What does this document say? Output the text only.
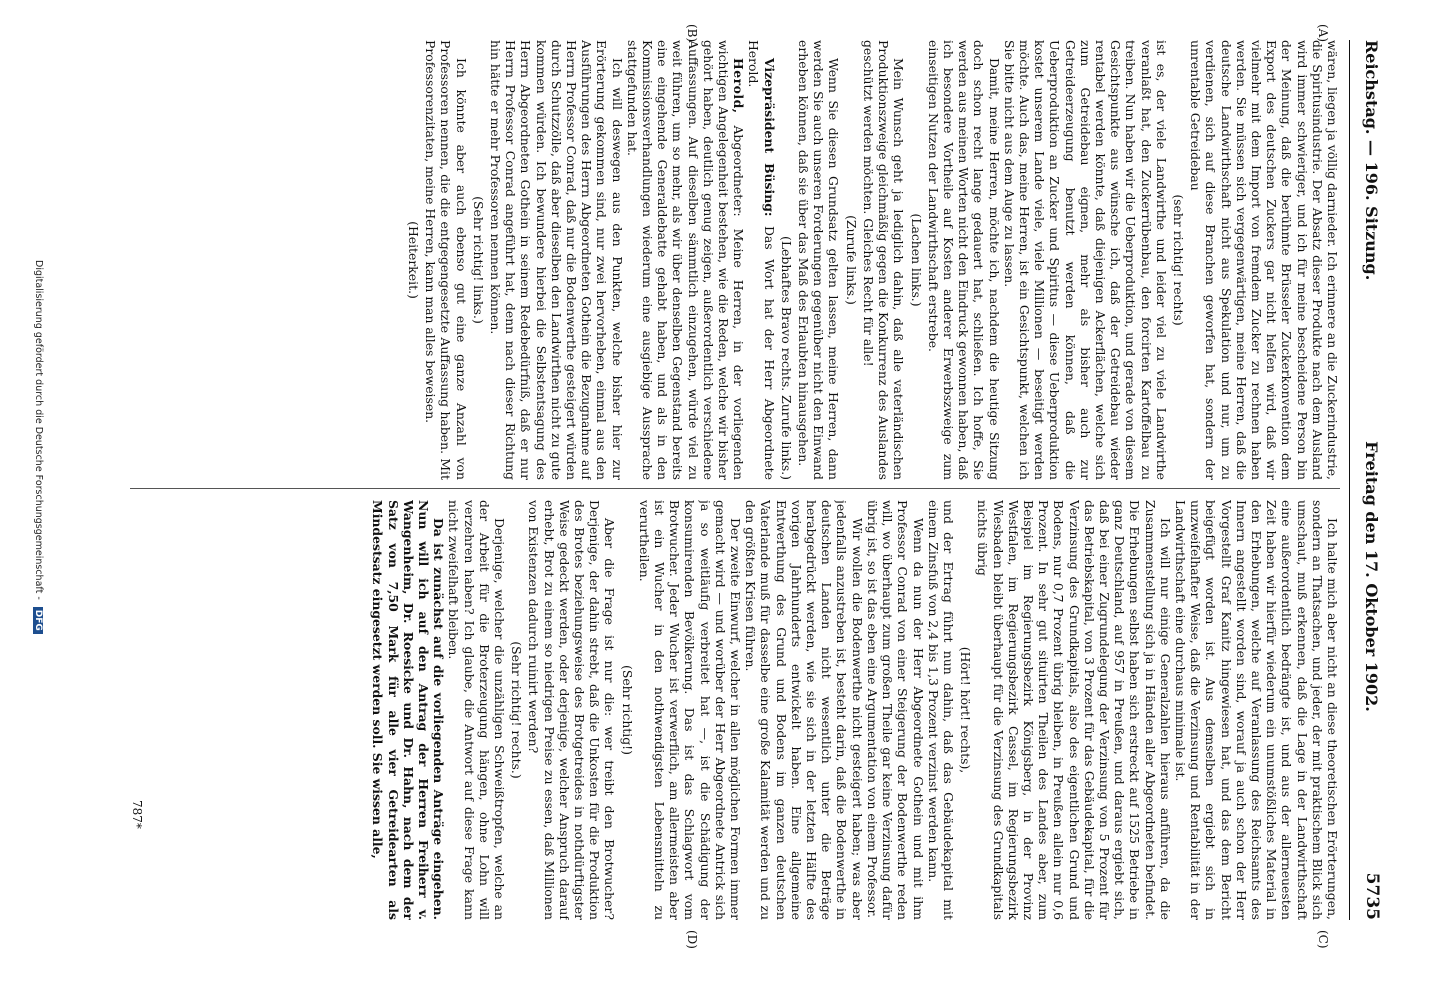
Reichstag. — 196. Sitzung.
Freitag den 17. Oktober 1902.
5735
(A)
(B)
(C)
(D)

wären, liegen ja völlig darnieder. Ich erinnere an die Zuckerindustrie, die Spiritusindustrie. Der Absatz dieser Produkte nach dem Ausland wird immer schwieriger, und ich für meine bescheidene Person bin der Meinung, daß die berühmte Brüsseler Zuckerkonvention dem Export des deutschen Zuckers gar nicht helfen wird, daß wir vielmehr mit dem Import von fremdem Zucker zu rechnen haben werden. Sie müssen sich vergegenwärtigen, meine Herren, daß die deutsche Landwirthschaft nicht aus Spekulation und nur, um zu verdienen, sich auf diese Branchen geworfen hat, sondern der unrentable Getreidebau

(sehr richtig! rechts)

ist es, der viele Landwirthe und leider viel zu viele Landwirthe veranlaßt hat, den Zuckerrübenbau, den forcirten Kartoffelbau zu treiben. Nun haben wir die Ueberproduktion, und gerade von diesem Gesichtspunkte aus wünsche ich, daß der Getreidebau wieder rentabel werden könnte, daß diejenigen Ackerflächen, welche sich zum Getreidebau eignen, mehr als bisher auch zur Getreideerzeugung benutzt werden können, daß die Ueberproduktion an Zucker und Spiritus — diese Ueberproduktion kostet unserem Lande viele, viele Millionen — beseitigt werden möchte. Auch das, meine Herren, ist ein Gesichtspunkt, welchen ich Sie bitte nicht aus dem Auge zu lassen.

Damit, meine Herren, möchte ich, nachdem die heutige Sitzung doch schon recht lange gedauert hat, schließen. Ich hoffe, Sie werden aus meinen Worten nicht den Eindruck gewonnen haben, daß ich besondere Vortheile auf Kosten anderer Erwerbszweige zum einseitigen Nutzen der Landwirthschaft erstrebe.

(Lachen links.)

Mein Wunsch geht ja lediglich dahin, daß alle vaterländischen Produktionszweige gleichmäßig gegen die Konkurrenz des Auslandes geschützt werden möchten. Gleiches Recht für alle!

(Zurufe links.)

Wenn Sie diesen Grundsatz gelten lassen, meine Herren, dann werden Sie auch unseren Forderungen gegenüber nicht den Einwand erheben können, daß sie über das Maß des Erlaubten hinausgehen.

(Lebhaftes Bravo rechts. Zurufe links.)

Vizepräsident Büsing: Das Wort hat der Herr Abgeordnete Herold.

Herold, Abgeordneter: Meine Herren, in der vorliegenden wichtigen Angelegenheit bestehen, wie die Reden, welche wir bisher gehört haben, deutlich genug zeigen, außerordentlich verschiedene Auffassungen. Auf dieselben sämmtlich einzugehen, würde viel zu weit führen, um so mehr, als wir über denselben Gegenstand bereits eine eingehende Generaldebatte gehabt haben, und als in den Kommissionsverhandlungen wiederum eine ausgiebige Aussprache stattgefunden hat.

Ich will deswegen aus den Punkten, welche bisher hier zur Erörterung gekommen sind, nur zwei hervorheben, einmal aus den Ausführungen des Herrn Abgeordneten Gothein die Bezugnahme auf Herrn Professor Conrad, daß nur die Bodenwerthe gesteigert würden durch Schutzzölle, daß aber dieselben den Landwirthen nicht zu gute kommen würden. Ich bewundere hierbei die Selbstentsagung des Herrn Abgeordneten Gothein in seinem Redebedürfniß, daß er nur Herrn Professor Conrad angeführt hat, denn nach dieser Richtung hin hätte er mehr Professoren nennen können.

(Sehr richtig! links.)

Ich könnte aber auch ebenso gut eine ganze Anzahl von Professoren nennen, die die entgegengesetzte Auffassung haben. Mit Professorenzitaten, meine Herren, kann man alles beweisen.

(Heiterkeit.)

Ich halte mich aber nicht an diese theoretischen Erörterungen, sondern an Thatsachen, und jeder, der mit praktischem Blick sich umschaut, muß erkennen, daß die Lage in der Landwirthschaft eine außerordentlich bedrängte ist, und aus der allerneuesten Zeit haben wir hierfür wiederum ein unumstößliches Material in den Erhebungen, welche auf Veranlassung des Reichsamts des Innern angestellt worden sind, worauf ja auch schon der Herr Vorgestellt Graf Kanitz hingewiesen hat, und das dem Bericht beigefügt worden ist. Aus demselben ergiebt sich in unzweifelhafter Weise, daß die Verzinsung und Rentabilität in der Landwirthschaft eine durchaus minimale ist.

Ich will nur einige Generalzahlen hieraus anführen, da die Zusammenstellung sich ja in Händen aller Abgeordneten befindet. Die Erhebungen selbst haben sich erstreckt auf 1525 Betriebe in ganz Deutschland, auf 957 in Preußen, und daraus ergiebt sich, daß bei einer Zugrundelegung der Verzinsung von 5 Prozent für das Betriebskapital, von 3 Prozent für das Gebäudekapital, für die Verzinsung des Grundkapitals, also des eigentlichen Grund und Bodens, nur 0,7 Prozent übrig bleiben, in Preußen allein nur 0,6 Prozent. In sehr gut situirten Theilen des Landes aber, zum Beispiel im Regierungsbezirk Königsberg, in der Provinz Westfalen, im Regierungsbezirk Cassel, im Regierungsbezirk Wiesbaden bleibt überhaupt für die Verzinsung des Grundkapitals nichts übrig

(Hört! hört! rechts),

und der Ertrag führt nun dahin, daß das Gebäudekapital mit einem Zinsfuß von 2,4 bis 1,3 Prozent verzinst werden kann.

Wenn da nun der Herr Abgeordnete Gothein und mit ihm Professor Conrad von einer Steigerung der Bodenwerthe reden will, wo überhaupt zum großen Theile gar keine Verzinsung dafür übrig ist, so ist das eben eine Argumentation von einem Professor.

Wir wollen die Bodenwerthe nicht gesteigert haben; was aber jedenfalls anzustreben ist, besteht darin, daß die Bodenwerthe in deutschen Landen nicht wesentlich unter die Beträge herabgedrückt werden, wie sie sich in der letzten Hälfte des vorigen Jahrhunderts entwickelt haben. Eine allgemeine Entwerthung des Grund und Bodens im ganzen deutschen Vaterlande muß für dasselbe eine große Kalamität werden und zu den größten Krisen führen.

Der zweite Einwurf, welcher in allen möglichen Formen immer gemacht wird — und worüber der Herr Abgeordnete Antrick sich ja so weitläufig verbreitet hat —, ist die Schädigung der konsumirenden Bevölkerung. Das ist das Schlagwort vom Brotwucher. Jeder Wucher ist verwerflich, am allermeisten aber ist ein Wucher in den nothwendigsten Lebensmitteln zu verurtheilen.

(Sehr richtig!)

Aber die Frage ist nur die: wer treibt den Brotwucher? Derjenige, der dahin strebt, daß die Unkosten für die Produktion des Brotes beziehungsweise des Brotgetreides in nothdürftigster Weise gedeckt werden, oder derjenige, welcher Anspruch darauf erhebt, Brot zu einem so niedrigen Preise zu essen, daß Millionen von Existenzen dadurch ruinirt werden?

(Sehr richtig! rechts.)

Derjenige, welcher die unzähligen Schweißtropfen, welche an der Arbeit für die Broterzeugung hängen, ohne Lohn will verzehren haben? Ich glaube, die Antwort auf diese Frage kann nicht zweifelhaft bleiben.

Da ist zunächst auf die vorliegenden Anträge eingehen. Nun will ich auf den Antrag der Herren Freiherr v. Wangenheim, Dr. Roesicke und Dr. Hahn, nach dem der Satz von 7,50 Mark für alle vier Getreidearten als Mindestsatz eingesetzt werden soll. Sie wissen alle,

787*
Digitalisierung gefördert durch die Deutsche Forschungsgemeinschaft - DFG
